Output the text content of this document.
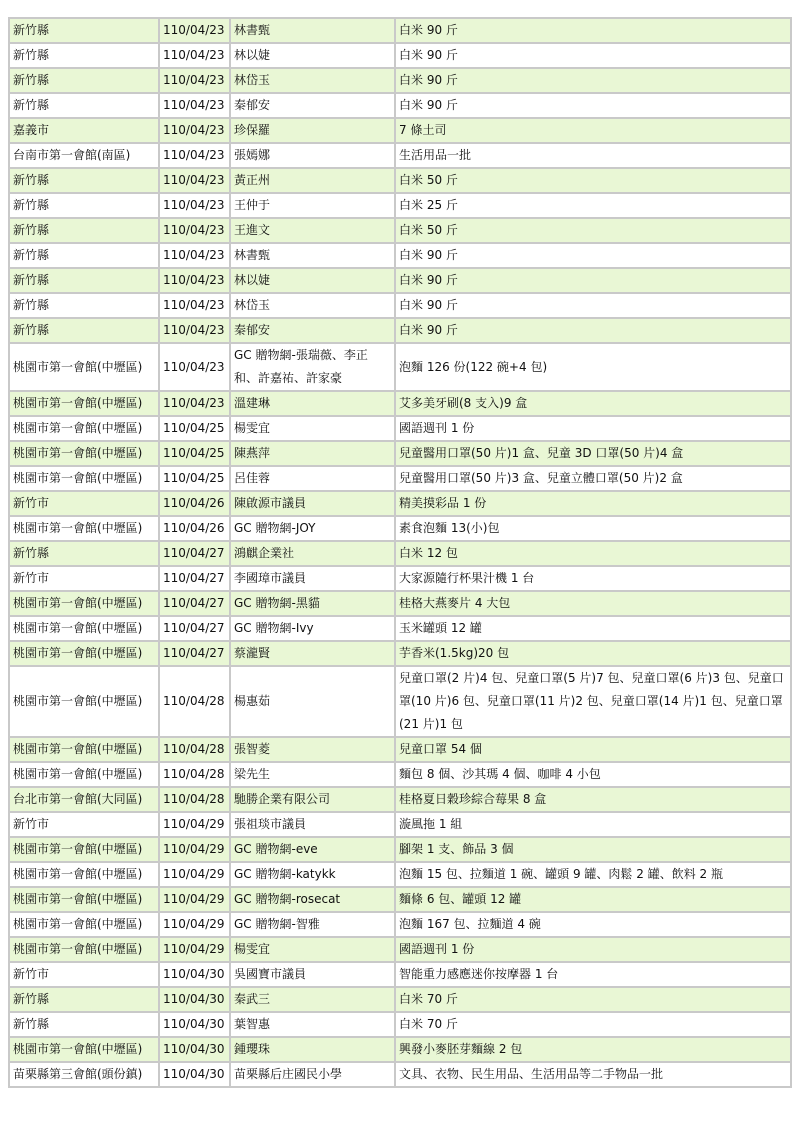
新竹縣	110/04/23	林書甄	白米 90 斤
新竹縣	110/04/23	林以婕	白米 90 斤
新竹縣	110/04/23	林岱玉	白米 90 斤
新竹縣	110/04/23	秦郁安	白米 90 斤
嘉義市	110/04/23	珍保羅	7 條土司
台南市第一會館(南區)	110/04/23	張嫣娜	生活用品一批
新竹縣	110/04/23	黃正州	白米 50 斤
新竹縣	110/04/23	王仲于	白米 25 斤
新竹縣	110/04/23	王進文	白米 50 斤
新竹縣	110/04/23	林書甄	白米 90 斤
新竹縣	110/04/23	林以婕	白米 90 斤
新竹縣	110/04/23	林岱玉	白米 90 斤
新竹縣	110/04/23	秦郁安	白米 90 斤
桃園市第一會館(中壢區)	110/04/23	GC 贈物網-張瑞薇、李正和、許嘉祐、許家豪	泡麵 126 份(122 碗+4 包)
桃園市第一會館(中壢區)	110/04/23	溫建琳	艾多美牙刷(8 支入)9 盒
桃園市第一會館(中壢區)	110/04/25	楊雯宜	國語週刊 1 份
桃園市第一會館(中壢區)	110/04/25	陳燕萍	兒童醫用口罩(50 片)1 盒、兒童 3D 口罩(50 片)4 盒
桃園市第一會館(中壢區)	110/04/25	呂佳蓉	兒童醫用口罩(50 片)3 盒、兒童立體口罩(50 片)2 盒
新竹市	110/04/26	陳啟源市議員	精美摸彩品 1 份
桃園市第一會館(中壢區)	110/04/26	GC 贈物網-JOY	素食泡麵 13(小)包
新竹縣	110/04/27	鴻麒企業社	白米 12 包
新竹市	110/04/27	李國璋市議員	大家源隨行杯果汁機 1 台
桃園市第一會館(中壢區)	110/04/27	GC 贈物網-黑貓	桂格大燕麥片 4 大包
桃園市第一會館(中壢區)	110/04/27	GC 贈物網-Ivy	玉米罐頭 12 罐
桃園市第一會館(中壢區)	110/04/27	蔡瀧賢	芋香米(1.5kg)20 包
桃園市第一會館(中壢區)	110/04/28	楊惠茹	兒童口罩(2 片)4 包、兒童口罩(5 片)7 包、兒童口罩(6 片)3 包、兒童口罩(10 片)6 包、兒童口罩(11 片)2 包、兒童口罩(14 片)1 包、兒童口罩(21 片)1 包
桃園市第一會館(中壢區)	110/04/28	張智菱	兒童口罩 54 個
桃園市第一會館(中壢區)	110/04/28	梁先生	麵包 8 個、沙其瑪 4 個、咖啡 4 小包
台北市第一會館(大同區)	110/04/28	馳勝企業有限公司	桂格夏日穀珍綜合莓果 8 盒
新竹市	110/04/29	張祖琰市議員	漩風拖 1 組
桃園市第一會館(中壢區)	110/04/29	GC 贈物網-eve	腳架 1 支、飾品 3 個
桃園市第一會館(中壢區)	110/04/29	GC 贈物網-katykk	泡麵 15 包、拉麵道 1 碗、罐頭 9 罐、肉鬆 2 罐、飲料 2 瓶
桃園市第一會館(中壢區)	110/04/29	GC 贈物網-rosecat	麵條 6 包、罐頭 12 罐
桃園市第一會館(中壢區)	110/04/29	GC 贈物網-智雅	泡麵 167 包、拉麵道 4 碗
桃園市第一會館(中壢區)	110/04/29	楊雯宜	國語週刊 1 份
新竹市	110/04/30	吳國寶市議員	智能重力感應迷你按摩器 1 台
新竹縣	110/04/30	秦武三	白米 70 斤
新竹縣	110/04/30	葉智惠	白米 70 斤
桃園市第一會館(中壢區)	110/04/30	鍾瓔珠	興發小麥胚芽麵線 2 包
苗栗縣第三會館(頭份鎮)	110/04/30	苗栗縣后庄國民小學	文具、衣物、民生用品、生活用品等二手物品一批
